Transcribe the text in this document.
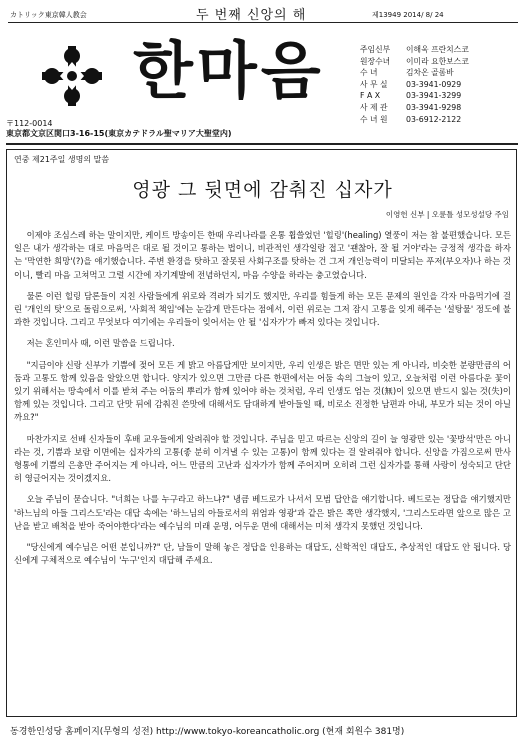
カトリック東京韓人教会	두 번째 신앙의 해	제13949 2014/ 8/ 24
한마음	주임신부	이해욱 프란치스코
원장수녀	이미라 요한보스코
수 녀	김차온 골롬바
사 무 실	03-3941-0929
F A X	03-3941-3299
사 제 관	03-3941-9298
수 녀 원	03-6912-2122
〒112-0014
東京都文京区関口3-16-15(東京カテドラル聖マリア大聖堂内)
연중 제21주일 생명의 말씀
영광 그 뒷면에 감춰진 십자가
이영헌 신부 | 오륜틀 성모성설당 주임

이제야 조심스레 하는 말이지만, 케이트 방송이든 한때 우리나라를 온통 휩쓸었던 '힐링'(healing) 열풍이 저는 참 불편했습니다. 모든 일은 내가 생각하는 대로 마음먹은 대로 될 것이고 통하는 법이니, 비관적인 생각일랑 접고 '괜찮아, 잘 될 거야'라는 긍정적 생각을 하자는 '막연한 희망'(?)을 얘기했습니다. 주변 환경을 탓하고 잘못된 사회구조를 탓하는 건 그저 개인능력이 미달되는 푸저(부오자)나 하는 것이니, 빨리 마음 고쳐먹고 그럴 시간에 자기계발에 전념하던지, 마음 수양을 하라는 충고였습니다.

물론 이런 힐링 담론들이 지친 사람들에게 위로와 격려가 되기도 했지만, 우리를 힘들게 하는 모든 문제의 원인을 각자 마음먹기에 걸린 '개인의 탓'으로 돌림으로써, '사회적 책임'에는 눈감게 만든다는 점에서, 이런 위로는 그저 잠시 고통을 잊게 해주는 '설탕물' 정도에 불과한 것입니다. 그리고 무엇보다 여기에는 우리들이 잊어서는 안 될 '십자가'가 빠져 있다는 것입니다.

저는 혼인미사 때, 이런 말씀을 드립니다.

"지금이야 신랑 신부가 기쁨에 젖어 모든 게 밝고 아름답게만 보이지만, 우리 인생은 밝은 면만 있는 게 아니라, 비슷한 분량만큼의 어둠과 고통도 함께 있음을 알았으면 합니다. 양지가 있으면 그만큼 다른 한편에서는 어둠 속의 그늘이 있고, 오늘처럼 이런 아름다운 꽃이 있기 위해서는 땅속에서 이를 받쳐 주는 어둠의 뿌리가 함께 있어야 하는 것처럼, 우리 인생도 엄는 것(無)이 있으면 반드시 잃는 것(失)이 함께 있는 것입니다. 그리고 단맛 뒤에 감춰진 쓴맛에 대해서도 담대하게 받아들일 때, 비로소 진정한 남편과 아내, 부모가 되는 것이 아닐까요?"

마찬가지로 선배 신자들이 후배 교우들에게 알려줘야 할 것입니다. 주님을 믿고 따르는 신앙의 길이 늘 영광만 있는 '꽃방석'만은 아니라는 것, 기쁨과 보람 이면에는 십자가의 고통(좋 분히 이겨낼 수 있는 고통)이 함께 있다는 걸 알려줘야 합니다. 신앙을 가짐으로써 만사형통에 기쁨의 은총만 주어지는 게 아니라, 어느 만큼의 고난과 십자가가 함께 주어지며 오히려 그런 십자가를 통해 사랑이 성숙되고 단단히 영글어지는 것이겠지요.

오늘 주님이 묻습니다. "너희는 나를 누구라고 하느냐?" 냉큼 베드로가 나서서 모범 답안을 얘기합니다. 베드로는 정답을 얘기했지만 '하느님의 아들 그리스도'라는 대답 속에는 '하느님의 아들로서의 위엄과 영광'과 같은 밝은 쪽만 생각했지, '그리스도라면 앞으로 많은 고난을 받고 배척을 받아 죽어야한다'라는 예수님의 미래 운명, 어두운 면에 대해서는 미처 생각지 못했던 것입니다.

"당신에게 예수님은 어떤 분입니까?" 단, 남들이 말해 놓은 정답을 인용하는 대답도, 신학적인 대답도, 추상적인 대답도 안 됩니다. 당신에게 구체적으로 예수님이 '누구'인지 대답해 주세요.

동경한인성당 홈페이지(무형의 성전) http://www.tokyo-koreancatholic.org (현재 회원수 381명)
